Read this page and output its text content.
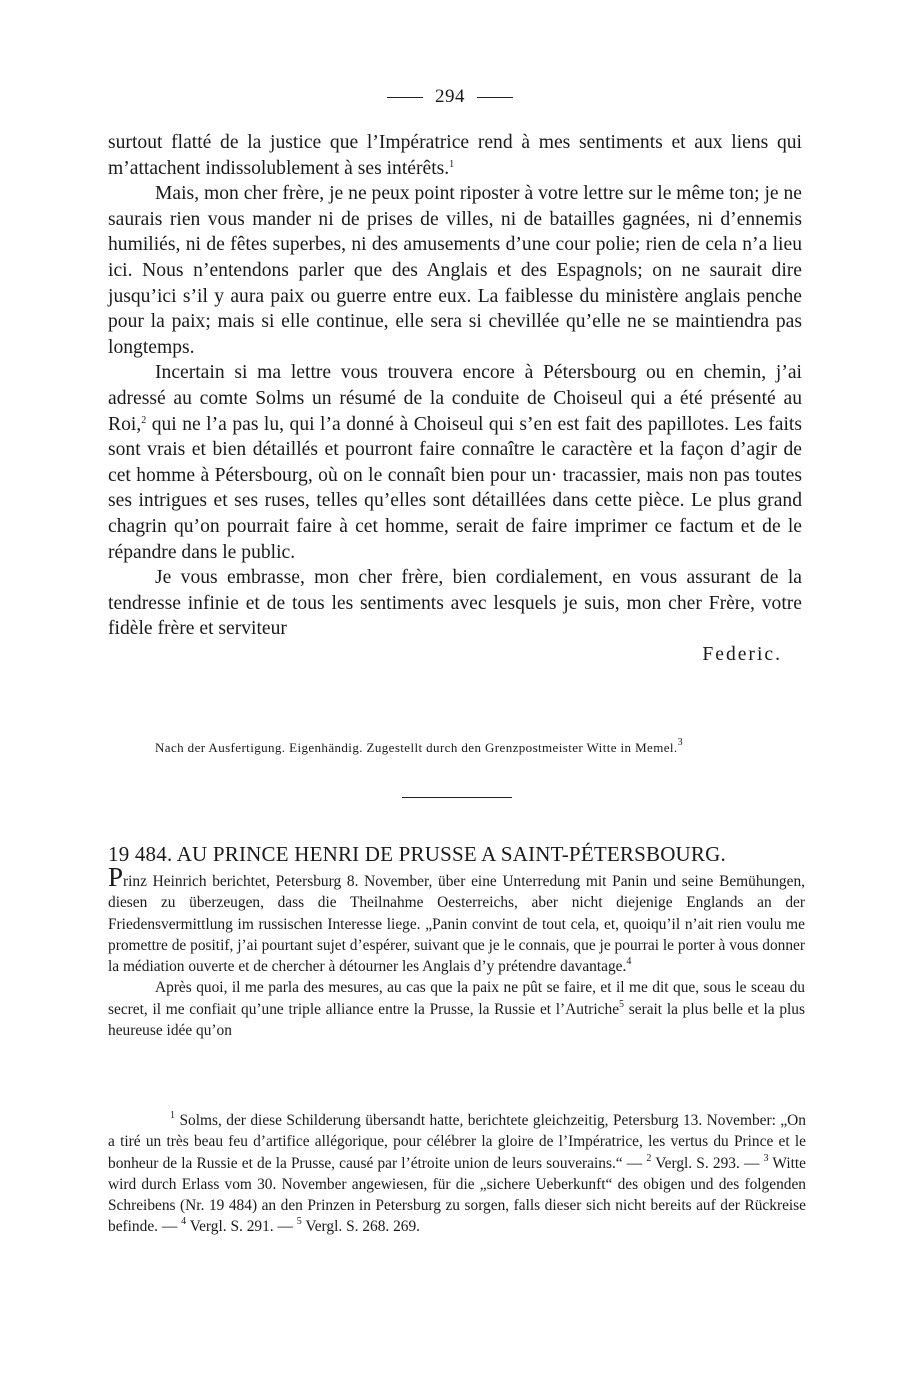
294

surtout flatté de la justice que l’Impératrice rend à mes sentiments et aux liens qui m’attachent indissolublement à ses intérêts.$^1$

Mais, mon cher frère, je ne peux point riposter à votre lettre sur le même ton; je ne saurais rien vous mander ni de prises de villes, ni de batailles gagnées, ni d’ennemis humiliés, ni de fêtes superbes, ni des amusements d’une cour polie; rien de cela n’a lieu ici. Nous n’entendons parler que des Anglais et des Espagnols; on ne saurait dire jusqu’ici s’il y aura paix ou guerre entre eux. La faiblesse du ministère anglais penche pour la paix; mais si elle continue, elle sera si chevillée qu’elle ne se maintiendra pas longtemps.

Incertain si ma lettre vous trouvera encore à Pétersbourg ou en chemin, j’ai adressé au comte Solms un résumé de la conduite de Choiseul qui a été présenté au Roi,$^2$ qui ne l’a pas lu, qui l’a donné à Choiseul qui s’en est fait des papillotes. Les faits sont vrais et bien détaillés et pourront faire connaître le caractère et la façon d’agir de cet homme à Pétersbourg, où on le connaît bien pour un· tracassier, mais non pas toutes ses intrigues et ses ruses, telles qu’elles sont détaillées dans cette pièce. Le plus grand chagrin qu’on pourrait faire à cet homme, serait de faire imprimer ce factum et de le répandre dans le public.

Je vous embrasse, mon cher frère, bien cordialement, en vous assurant de la tendresse infinie et de tous les sentiments avec lesquels je suis, mon cher Frère, votre fidèle frère et serviteur

Federic.

Nach der Ausfertigung. Eigenhändig. Zugestellt durch den Grenzpostmeister Witte in Memel.$^3$
19 484. AU PRINCE HENRI DE PRUSSE A SAINT-PÉTERSBOURG.

Prinz Heinrich berichtet, Petersburg 8. November, über eine Unterredung mit Panin und seine Bemühungen, diesen zu überzeugen, dass die Theilnahme Oesterreichs, aber nicht diejenige Englands an der Friedensvermittlung im russischen Interesse liege. „Panin convint de tout cela, et, quoiqu’il n’ait rien voulu me promettre de positif, j’ai pourtant sujet d’espérer, suivant que je le connais, que je pourrai le porter à vous donner la médiation ouverte et de chercher à détourner les Anglais d’y prétendre davantage.$^4$

Après quoi, il me parla des mesures, au cas que la paix ne pût se faire, et il me dit que, sous le sceau du secret, il me confiait qu’une triple alliance entre la Prusse, la Russie et l’Autriche$^5$ serait la plus belle et la plus heureuse idée qu’on

$^1$ Solms, der diese Schilderung übersandt hatte, berichtete gleichzeitig, Petersburg 13. November: „On a tiré un très beau feu d’artifice allégorique, pour célébrer la gloire de l’Impératrice, les vertus du Prince et le bonheur de la Russie et de la Prusse, causé par l’étroite union de leurs souverains.“ — $^2$ Vergl. S. 293. — $^3$ Witte wird durch Erlass vom 30. November angewiesen, für die „sichere Ueberkunft“ des obigen und des folgenden Schreibens (Nr. 19 484) an den Prinzen in Petersburg zu sorgen, falls dieser sich nicht bereits auf der Rückreise befinde. — $^4$ Vergl. S. 291. — $^5$ Vergl. S. 268. 269.
